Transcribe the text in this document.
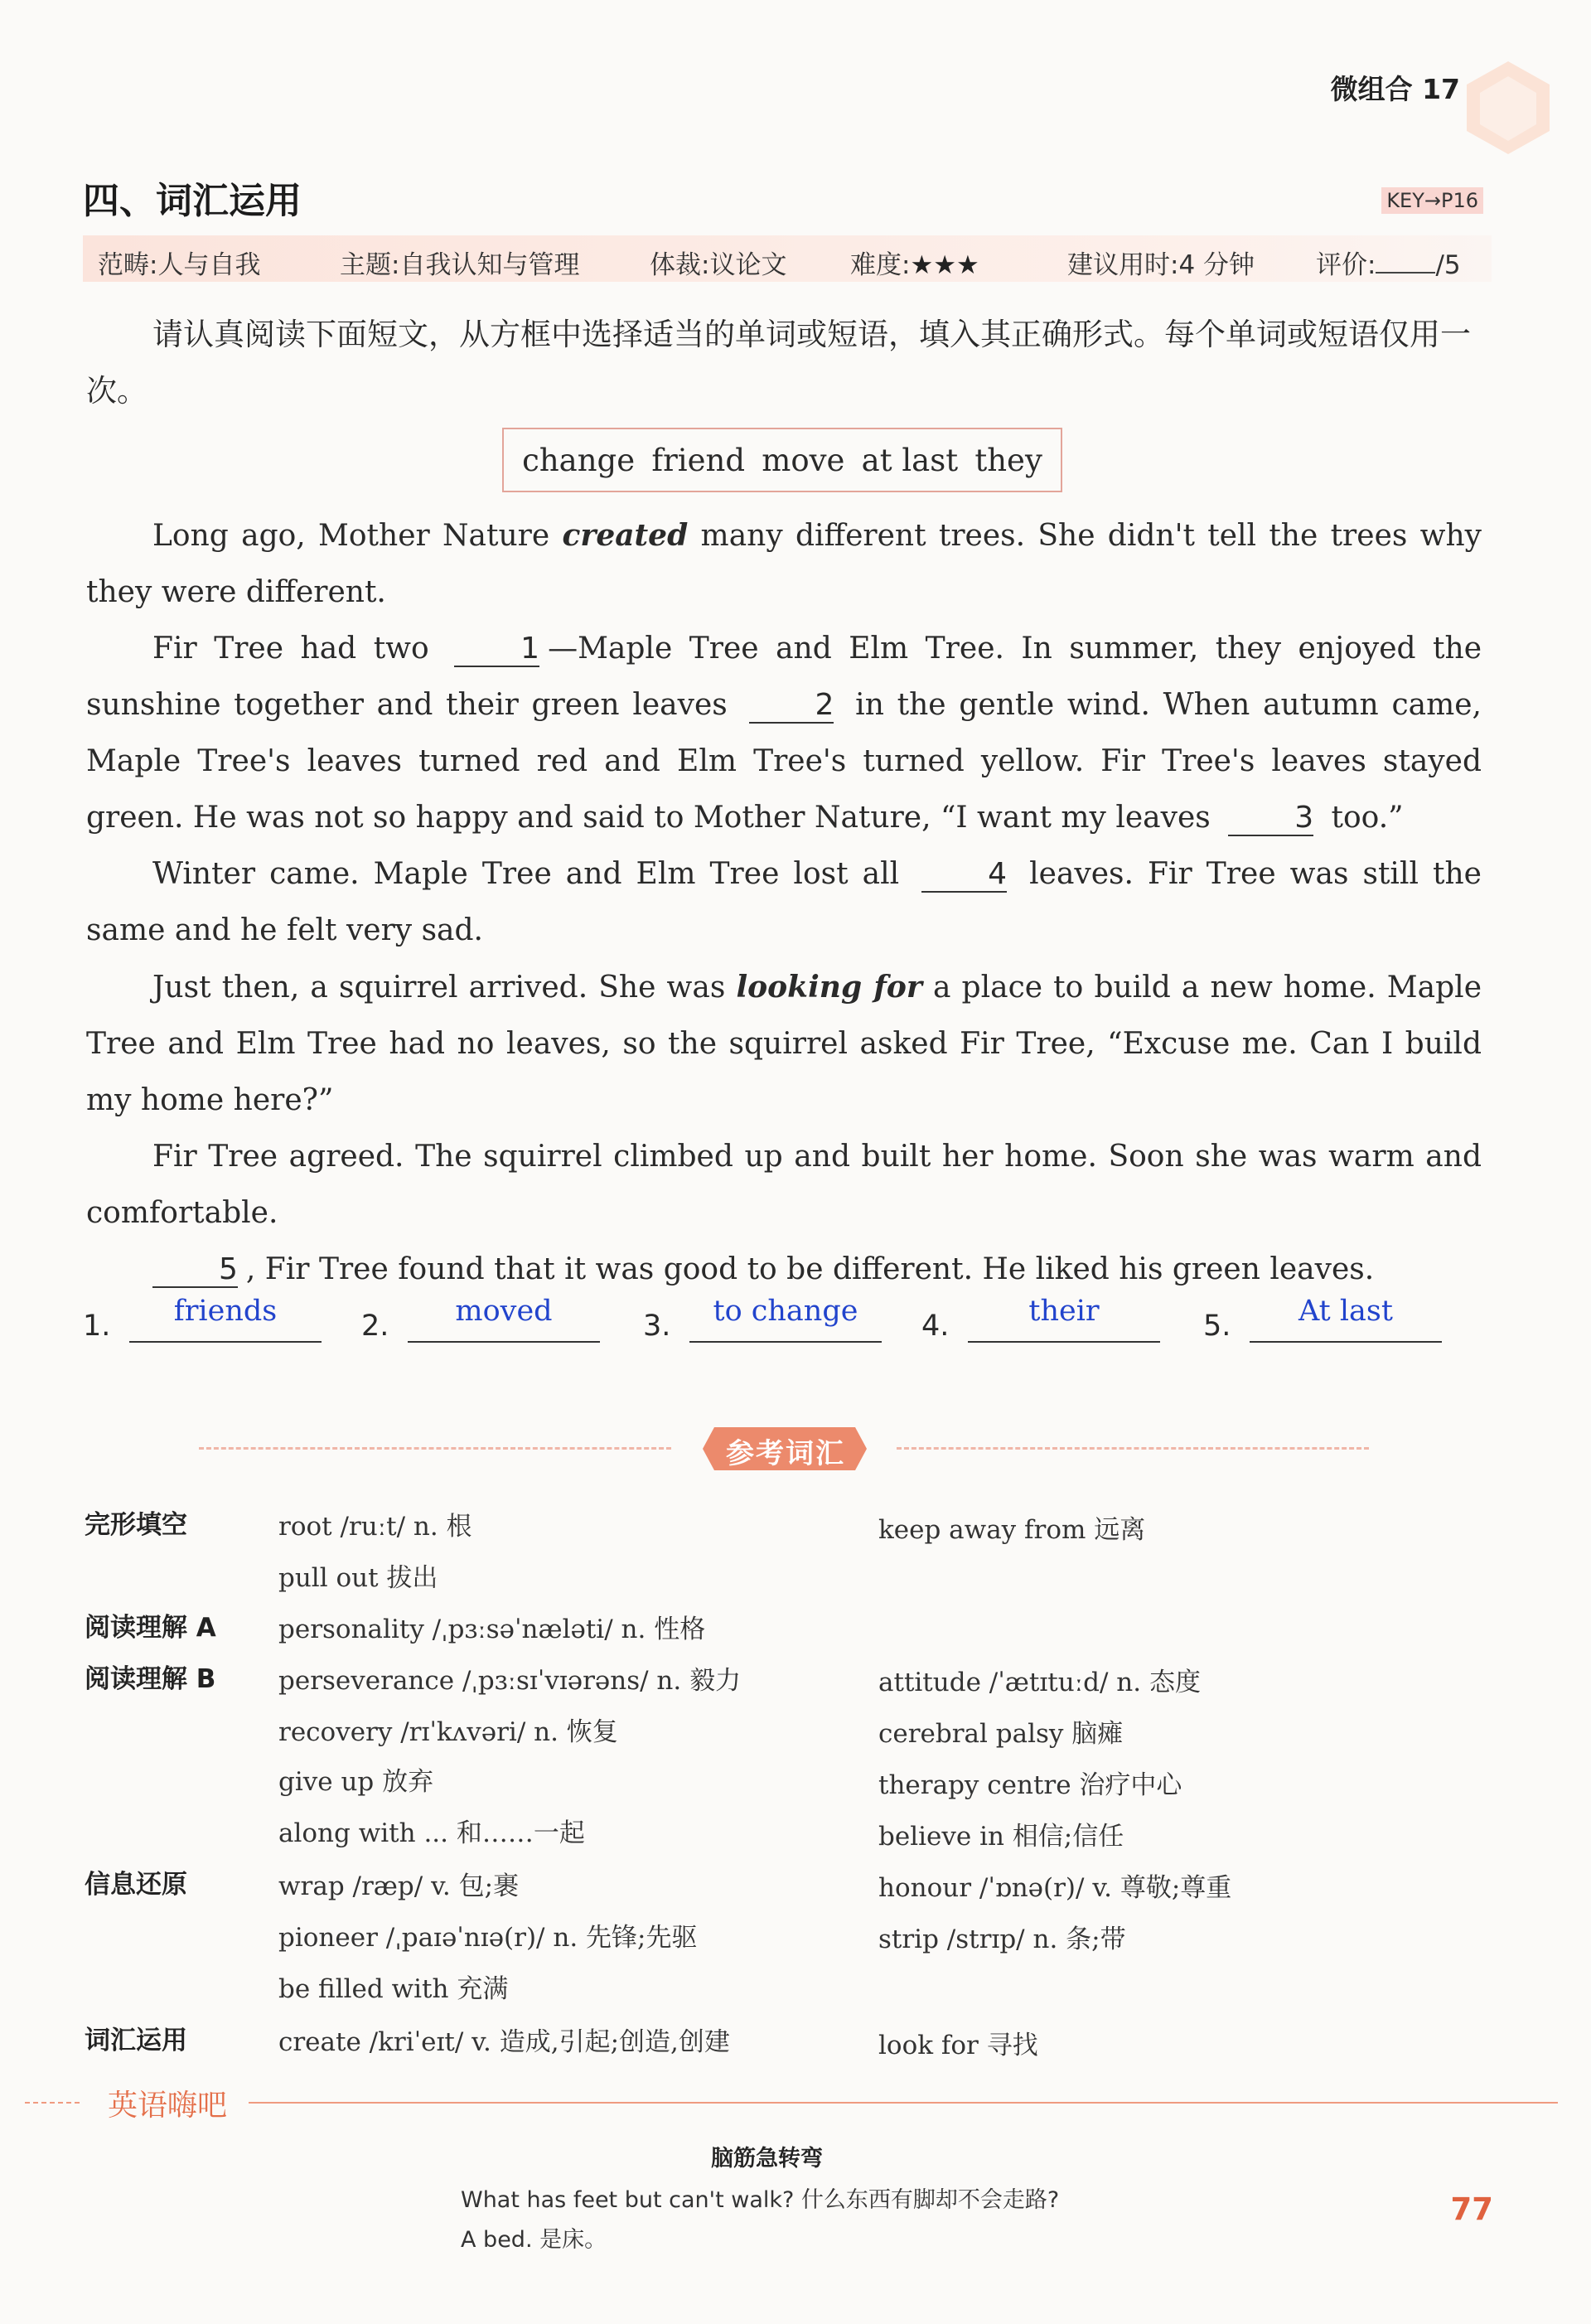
微组合 17
四、词汇运用	KEY→P16
范畴:人与自我	主题:自我认知与管理	体裁:议论文 难度:★★★	建议用时:4 分钟 评价: /5
请认真阅读下面短文，从方框中选择适当的单词或短语，填入其正确形式。每个单词或短语仅用一次。
change friend move at last they

Long ago, Mother Nature created many different trees. She didn't tell the trees why they were different.

Fir Tree had two	1 —Maple Tree and Elm Tree. In summer, they enjoyed the sunshine together and their green leaves	2 in the gentle wind. When autumn came, Maple Tree's leaves turned red and Elm Tree's turned yellow. Fir Tree's leaves stayed green. He was not so happy and said to Mother Nature, “I want my leaves	3 too.”

Winter came. Maple Tree and Elm Tree lost all	4 leaves. Fir Tree was still the same and he felt very sad.

Just then, a squirrel arrived. She was looking for a place to build a new home. Maple Tree and Elm Tree had no leaves, so the squirrel asked Fir Tree, “Excuse me. Can I build my home here?”

Fir Tree agreed. The squirrel climbed up and built her home. Soon she was warm and comfortable.

5 , Fir Tree found that it was good to be different. He liked his green leaves.

1.	friends	2.	moved	3.	to change	4.	their	5.	At last
参考词汇
完形填空	root /ruːt/ n. 根	keep away from 远离
pull out 拔出
阅读理解 A personality /ˌpɜːsəˈnæləti/ n. 性格
阅读理解 B perseverance /ˌpɜːsɪˈvɪərəns/ n. 毅力	attitude /ˈætɪtuːd/ n. 态度
recovery /rɪˈkʌvəri/ n. 恢复	cerebral palsy 脑瘫
give up 放弃	therapy centre 治疗中心
along with ... 和……一起	believe in 相信;信任
信息还原	wrap /ræp/ v. 包;裹	honour /ˈɒnə(r)/ v. 尊敬;尊重
pioneer /ˌpaɪəˈnɪə(r)/ n. 先锋;先驱	strip /strɪp/ n. 条;带
be filled with 充满
词汇运用	create /kriˈeɪt/ v. 造成,引起;创造,创建	look for 寻找
英语嗨吧
脑筋急转弯
What has feet but can't walk? 什么东西有脚却不会走路?
A bed. 是床。
77
